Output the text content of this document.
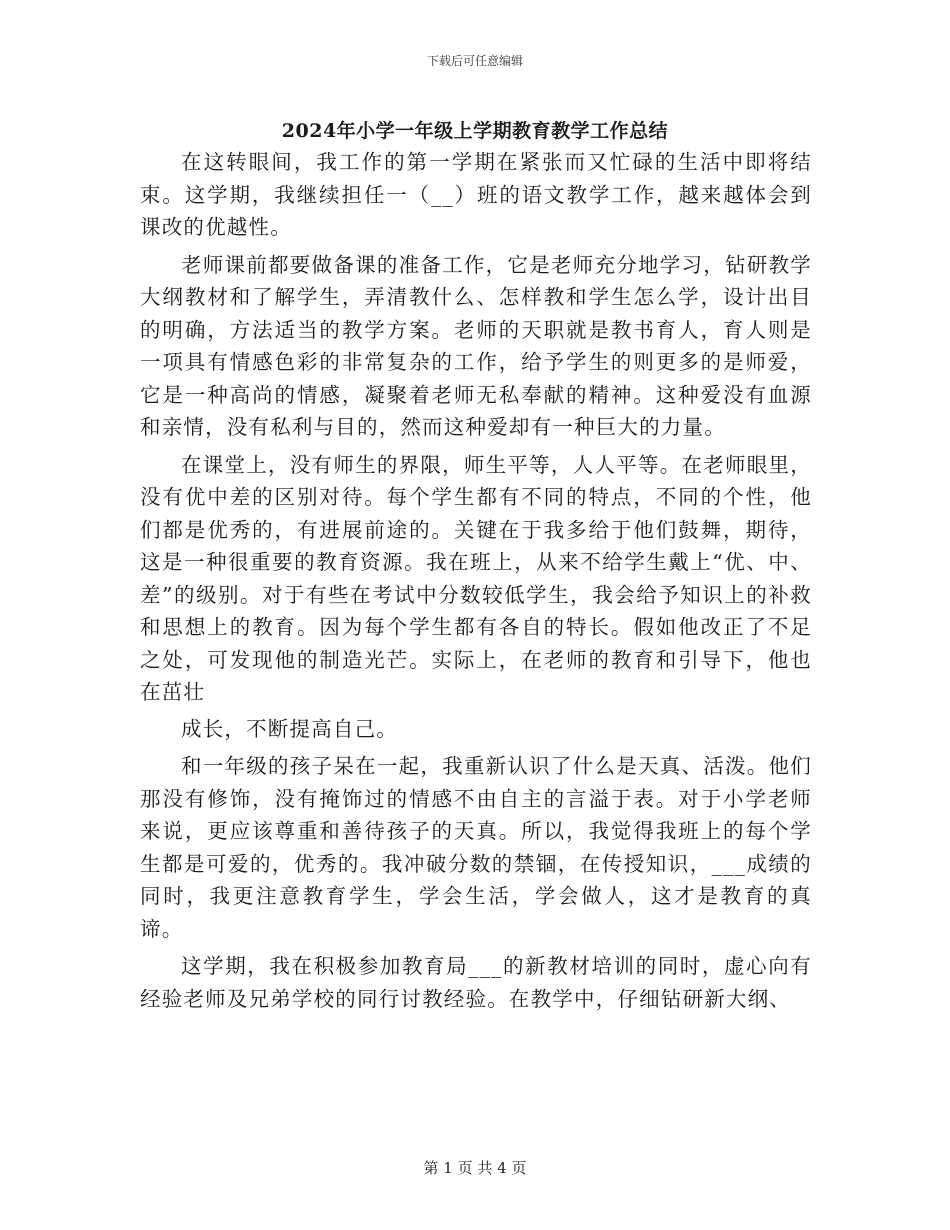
下载后可任意编辑
2024年小学一年级上学期教育教学工作总结

在这转眼间，我工作的第一学期在紧张而又忙碌的生活中即将结束。这学期，我继续担任一（__）班的语文教学工作，越来越体会到课改的优越性。

老师课前都要做备课的准备工作，它是老师充分地学习，钻研教学大纲教材和了解学生，弄清教什么、怎样教和学生怎么学，设计出目的明确，方法适当的教学方案。老师的天职就是教书育人，育人则是一项具有情感色彩的非常复杂的工作，给予学生的则更多的是师爱，它是一种高尚的情感，凝聚着老师无私奉献的精神。这种爱没有血源和亲情，没有私利与目的，然而这种爱却有一种巨大的力量。

在课堂上，没有师生的界限，师生平等，人人平等。在老师眼里，没有优中差的区别对待。每个学生都有不同的特点，不同的个性，他们都是优秀的，有进展前途的。关键在于我多给于他们鼓舞，期待，这是一种很重要的教育资源。我在班上，从来不给学生戴上“优、中、差”的级别。对于有些在考试中分数较低学生，我会给予知识上的补救和思想上的教育。因为每个学生都有各自的特长。假如他改正了不足之处，可发现他的制造光芒。实际上，在老师的教育和引导下，他也在茁壮

成长，不断提高自己。

和一年级的孩子呆在一起，我重新认识了什么是天真、活泼。他们那没有修饰，没有掩饰过的情感不由自主的言溢于表。对于小学老师来说，更应该尊重和善待孩子的天真。所以，我觉得我班上的每个学生都是可爱的，优秀的。我冲破分数的禁锢，在传授知识，___成绩的同时，我更注意教育学生，学会生活，学会做人，这才是教育的真谛。

这学期，我在积极参加教育局___的新教材培训的同时，虚心向有经验老师及兄弟学校的同行讨教经验。在教学中，仔细钻研新大纲、

第 1 页 共 4 页
